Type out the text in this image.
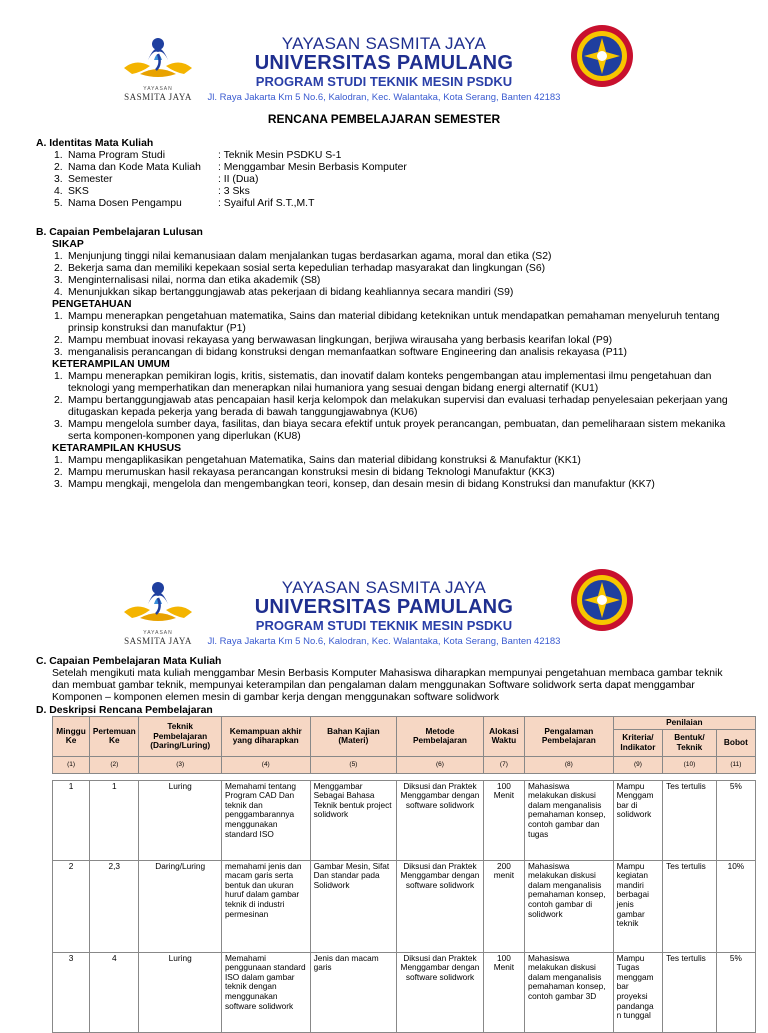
YAYASAN
SASMITA JAYA
YAYASAN SASMITA JAYA
UNIVERSITAS PAMULANG
PROGRAM STUDI TEKNIK MESIN PSDKU
Jl. Raya Jakarta Km 5 No.6, Kalodran, Kec. Walantaka, Kota Serang, Banten 42183
RENCANA PEMBELAJARAN SEMESTER
A. Identitas Mata Kuliah
1. Nama Program Studi	: Teknik Mesin PSDKU S-1
2. Nama dan Kode Mata Kuliah : Menggambar Mesin Berbasis Komputer
3. Semester	: II (Dua)
4. SKS	: 3 Sks
5. Nama Dosen Pengampu	: Syaiful Arif S.T.,M.T
B. Capaian Pembelajaran Lulusan
SIKAP
1. Menjunjung tinggi nilai kemanusiaan dalam menjalankan tugas berdasarkan agama, moral dan etika (S2)
2. Bekerja sama dan memiliki kepekaan sosial serta kepedulian terhadap masyarakat dan lingkungan (S6)
3. Menginternalisasi nilai, norma dan etika akademik (S8)
4. Menunjukkan sikap bertanggungjawab atas pekerjaan di bidang keahliannya secara mandiri (S9)
PENGETAHUAN
1. Mampu menerapkan pengetahuan matematika, Sains dan material dibidang keteknikan untuk mendapatkan pemahaman menyeluruh tentang prinsip konstruksi dan manufaktur (P1)
2. Mampu membuat inovasi rekayasa yang berwawasan lingkungan, berjiwa wirausaha yang berbasis kearifan lokal (P9)
3. menganalisis perancangan di bidang konstruksi dengan memanfaatkan software Engineering dan analisis rekayasa (P11)
KETERAMPILAN UMUM
1. Mampu menerapkan pemikiran logis, kritis, sistematis, dan inovatif dalam konteks pengembangan atau implementasi ilmu pengetahuan dan teknologi yang memperhatikan dan menerapkan nilai humaniora yang sesuai dengan bidang energi alternatif (KU1)
2. Mampu bertanggungjawab atas pencapaian hasil kerja kelompok dan melakukan supervisi dan evaluasi terhadap penyelesaian pekerjaan yang ditugaskan kepada pekerja yang berada di bawah tanggungjawabnya (KU6)
3. Mampu mengelola sumber daya, fasilitas, dan biaya secara efektif untuk proyek perancangan, pembuatan, dan pemeliharaan sistem mekanika serta komponen-komponen yang diperlukan (KU8)
KETARAMPILAN KHUSUS
1. Mampu mengaplikasikan pengetahuan Matematika, Sains dan material dibidang konstruksi & Manufaktur (KK1)
2. Mampu merumuskan hasil rekayasa perancangan konstruksi mesin di bidang Teknologi Manufaktur (KK3)
3. Mampu mengkaji, mengelola dan mengembangkan teori, konsep, dan desain mesin di bidang Konstruksi dan manufaktur (KK7)
YAYASAN
SASMITA JAYA
YAYASAN SASMITA JAYA
UNIVERSITAS PAMULANG
PROGRAM STUDI TEKNIK MESIN PSDKU
Jl. Raya Jakarta Km 5 No.6, Kalodran, Kec. Walantaka, Kota Serang, Banten 42183
C. Capaian Pembelajaran Mata Kuliah
Setelah mengikuti mata kuliah menggambar Mesin Berbasis Komputer Mahasiswa diharapkan mempunyai pengetahuan membaca gambar teknik dan membuat gambar teknik, mempunyai keterampilan dan pengalaman dalam menggunakan Software solidwork serta dapat menggambar Komponen – komponen elemen mesin di gambar kerja dengan menggunakan software solidwork
D. Deskripsi Rencana Pembelajaran
Minggu Ke	Pertemuan Ke	Teknik Pembelajaran (Daring/Luring)	Kemampuan akhir yang diharapkan	Bahan Kajian (Materi)	Metode Pembelajaran	Alokasi Waktu	Pengalaman Pembelajaran	Penilaian		
								Kriteria/ Indikator	Bentuk/ Teknik	Bobot
(1)	(2)	(3)	(4)	(5)	(6)	(7)	(8)	(9)	(10)	(11)

1	1	Luring	Memahami tentang Program CAD Dan teknik dan penggambarannya menggunakan standard ISO	Menggambar Sebagai Bahasa Teknik bentuk project solidwork	Diksusi dan Praktek Menggambar dengan software solidwork	100 Menit	Mahasiswa melakukan diskusi dalam menganalisis pemahaman konsep, contoh gambar dan tugas	Mampu Menggam bar di solidwork	Tes tertulis	5%
2	2,3	Daring/Luring	memahami jenis dan macam garis serta bentuk dan ukuran huruf dalam gambar teknik di industri permesinan	Gambar Mesin, Sifat Dan standar pada Solidwork	Diksusi dan Praktek Menggambar dengan software solidwork	200 menit	Mahasiswa melakukan diskusi dalam menganalisis pemahaman konsep, contoh gambar di solidwork	Mampu kegiatan mandiri berbagai jenis gambar teknik	Tes tertulis	10%
3	4	Luring	Memahami penggunaan standard ISO dalam gambar teknik dengan menggunakan software solidwork	Jenis dan macam garis	Diksusi dan Praktek Menggambar dengan software solidwork	100 Menit	Mahasiswa melakukan diskusi dalam menganalisis pemahaman konsep, contoh gambar 3D	Mampu Tugas menggam bar proyeksi pandanga n tunggal	Tes tertulis	5%
